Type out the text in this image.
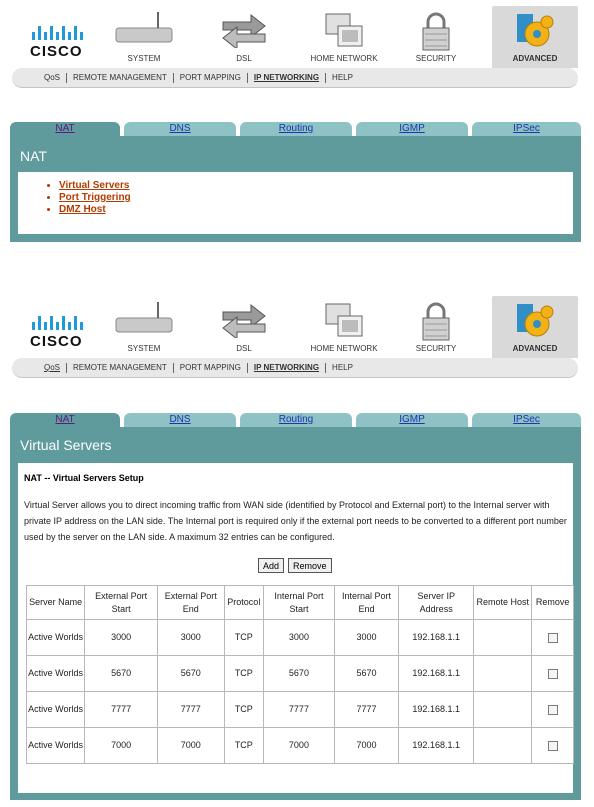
CISCO	SYSTEM	DSL	HOME NETWORK	SECURITY	ADVANCED
QoS	REMOTE MANAGEMENT	PORT MAPPING	IP NETWORKING	HELP
NAT	DNS	Routing	IGMP	IPSec
NAT
• Virtual Servers
• Port Triggering
• DMZ Host
CISCO	SYSTEM	DSL	HOME NETWORK	SECURITY	ADVANCED
QoS	REMOTE MANAGEMENT	PORT MAPPING	IP NETWORKING	HELP
NAT	DNS	Routing	IGMP	IPSec
Virtual Servers
NAT -- Virtual Servers Setup
Virtual Server allows you to direct incoming traffic from WAN side (identified by Protocol and External port) to the Internal server with private IP address on the LAN side. The Internal port is required only if the external port needs to be converted to a different port number used by the server on the LAN side. A maximum 32 entries can be configured.
Add	Remove
Server Name	External Port Start	External Port End	Protocol	Internal Port Start	Internal Port End	Server IP Address	Remote Host	Remove
Active Worlds	3000	3000	TCP	3000	3000	192.168.1.1		
Active Worlds	5670	5670	TCP	5670	5670	192.168.1.1		
Active Worlds	7777	7777	TCP	7777	7777	192.168.1.1		
Active Worlds	7000	7000	TCP	7000	7000	192.168.1.1		
